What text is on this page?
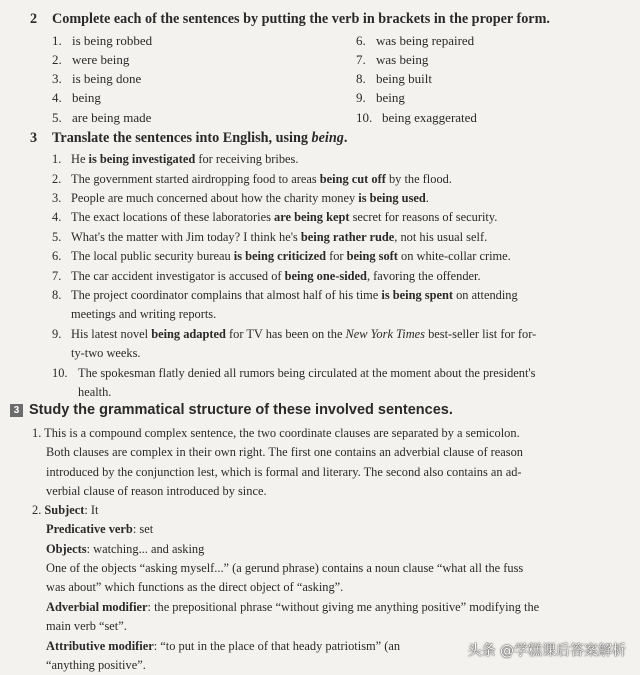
2 Complete each of the sentences by putting the verb in brackets in the proper form.
1. is being robbed
2. were being
3. is being done
4. being
5. are being made
6. was being repaired
7. was being
8. being built
9. being
10. being exaggerated
3 Translate the sentences into English, using being.
1. He is being investigated for receiving bribes.
2. The government started airdropping food to areas being cut off by the flood.
3. People are much concerned about how the charity money is being used.
4. The exact locations of these laboratories are being kept secret for reasons of security.
5. What's the matter with Jim today? I think he's being rather rude, not his usual self.
6. The local public security bureau is being criticized for being soft on white-collar crime.
7. The car accident investigator is accused of being one-sided, favoring the offender.
8. The project coordinator complains that almost half of his time is being spent on attending
meetings and writing reports.
9. His latest novel being adapted for TV has been on the New York Times best-seller list for for-
ty-two weeks.
10. The spokesman flatly denied all rumors being circulated at the moment about the president's
health.
3 Study the grammatical structure of these involved sentences.
1. This is a compound complex sentence, the two coordinate clauses are separated by a semicolon.
Both clauses are complex in their own right. The first one contains an adverbial clause of reason
introduced by the conjunction lest, which is formal and literary. The second also contains an ad-
verbial clause of reason introduced by since.
2. Subject: It
Predicative verb: set
Objects: watching... and asking
One of the objects “asking myself...” (a gerund phrase) contains a noun clause “what all the fuss
was about” which functions as the direct object of “asking”.
Adverbial modifier: the prepositional phrase “without giving me anything positive” modifying the
main verb “set”.
Attributive modifier: “to put in the place of that heady patriotism” (an
“anything positive”.
头条 @学糕课后答案解析
